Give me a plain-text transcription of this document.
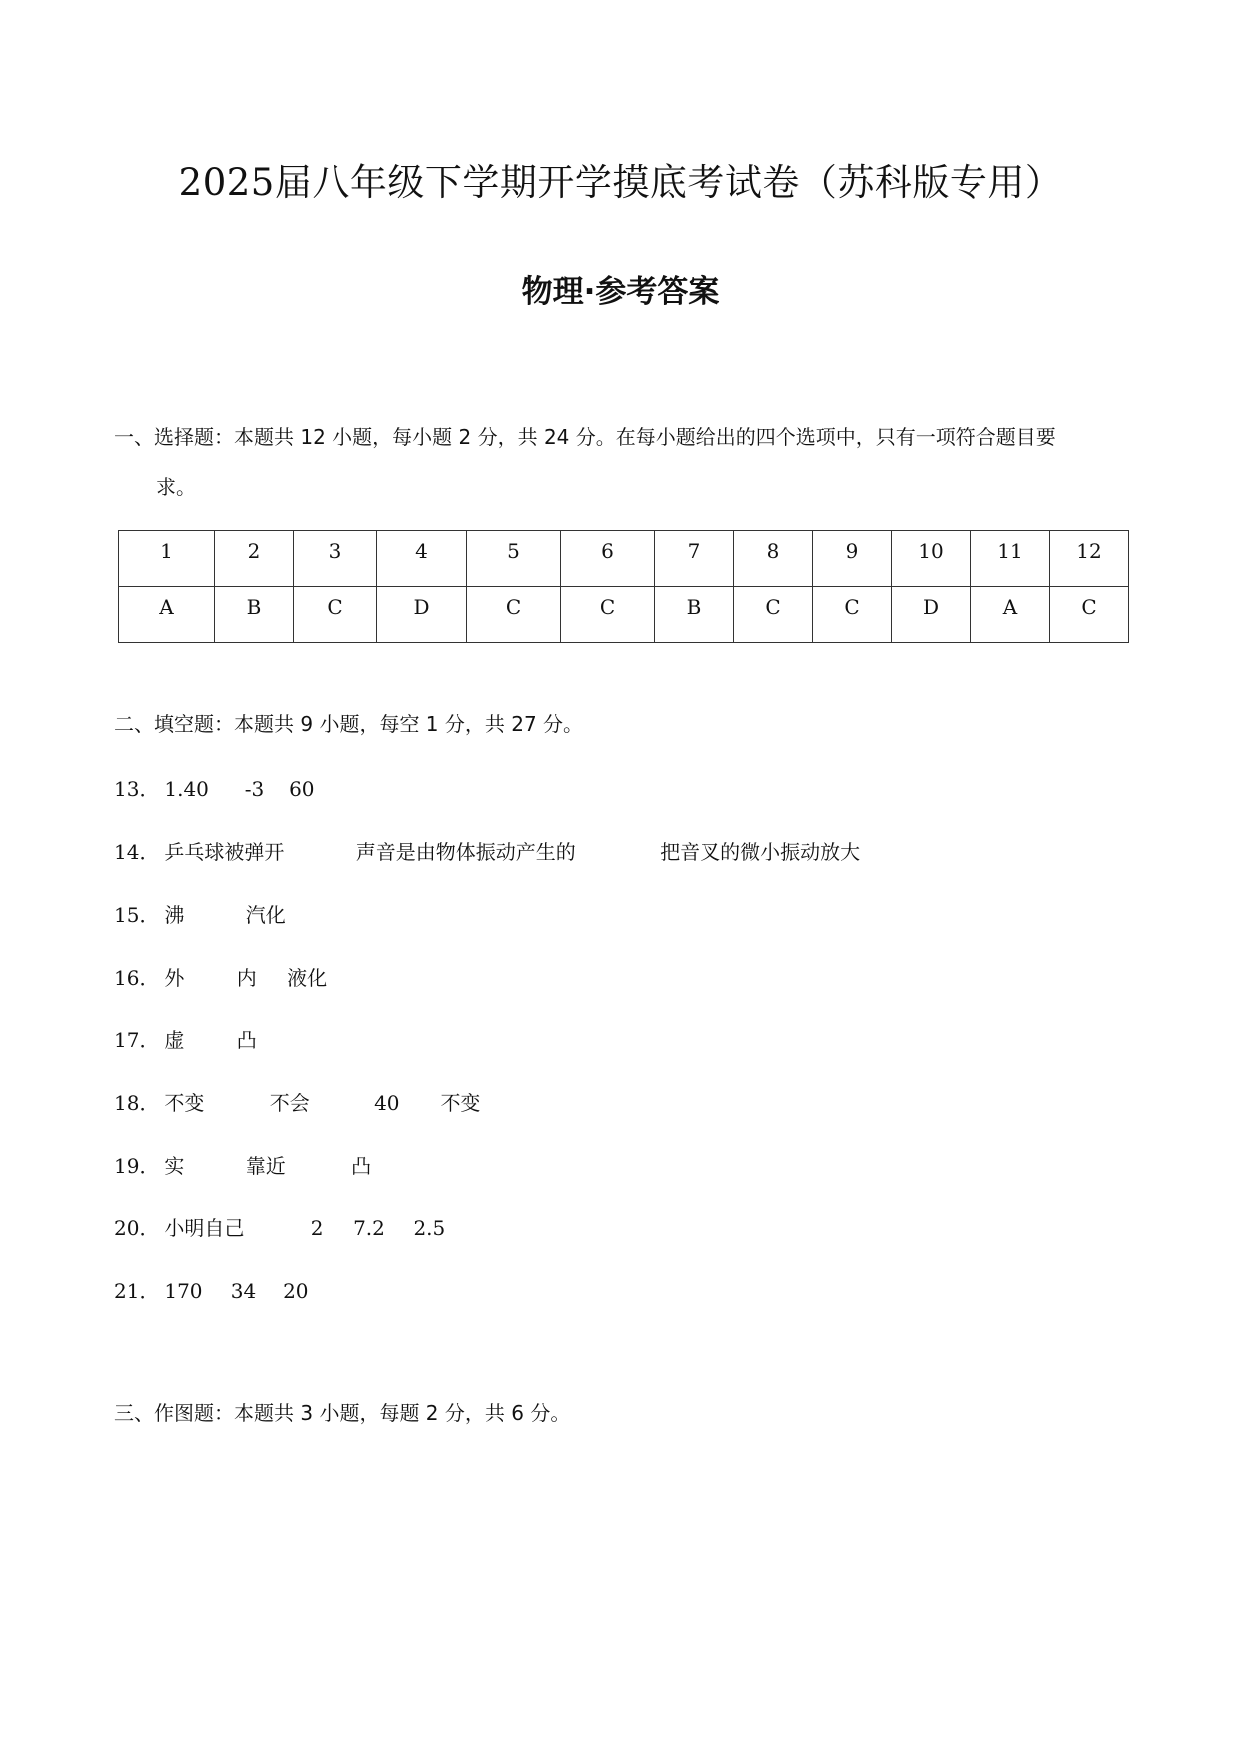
2025届八年级下学期开学摸底考试卷（苏科版专用）
物理·参考答案
一、选择题：本题共 12 小题，每小题 2 分，共 24 分。在每小题给出的四个选项中，只有一项符合题目要
求。
1	2	3	4	5	6	7	8	9	10	11	12
A	B	C	D	C	C	B	C	C	D	A	C
二、填空题：本题共 9 小题，每空 1 分，共 27 分。
13． 1.40 -3 60
14． 乒乓球被弹开	声音是由物体振动产生的	把音叉的微小振动放大
15． 沸	汽化
16． 外	内 液化
17． 虚	凸
18． 不变	不会	40 不变
19． 实	靠近	凸
20． 小明自己	2 7.2 2.5
21． 170 34 20
三、作图题：本题共 3 小题，每题 2 分，共 6 分。
